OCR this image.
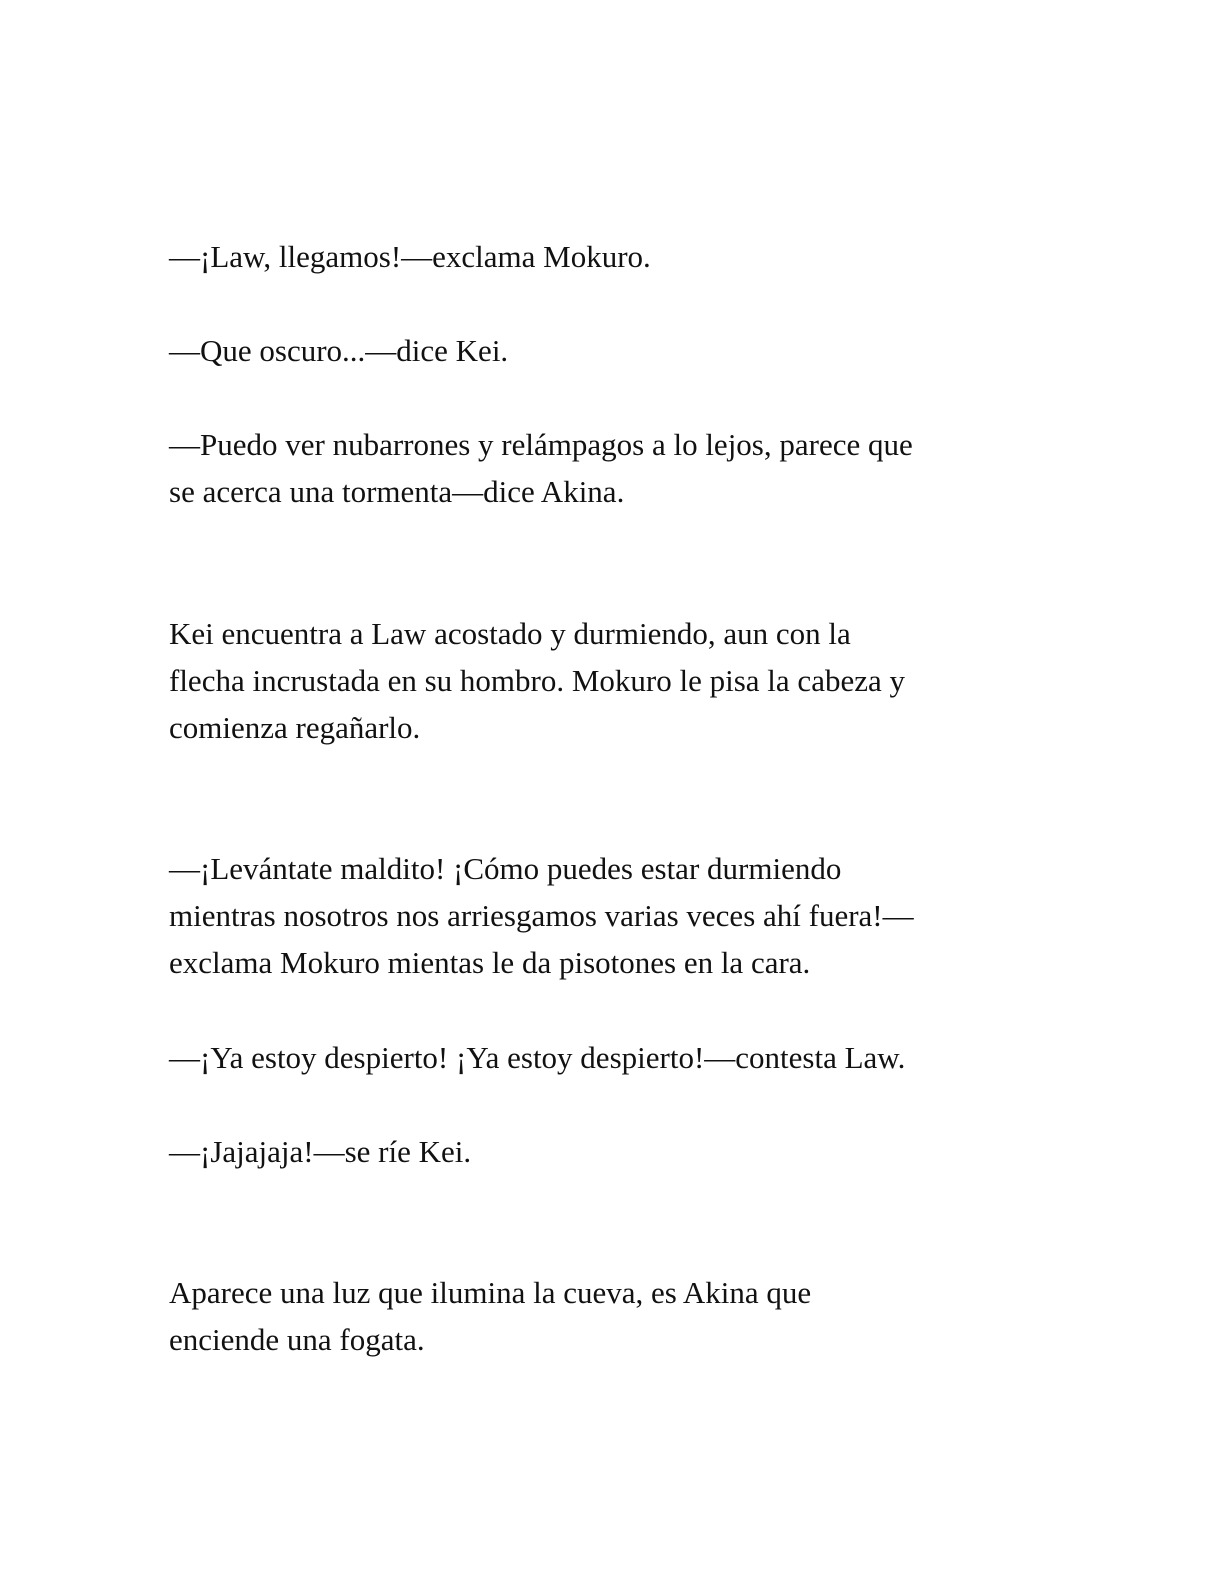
—¡Law, llegamos!—exclama Mokuro.

—Que oscuro...—dice Kei.

—Puedo ver nubarrones y relámpagos a lo lejos, parece que
se acerca una tormenta—dice Akina.

Kei encuentra a Law acostado y durmiendo, aun con la
flecha incrustada en su hombro. Mokuro le pisa la cabeza y
comienza regañarlo.

—¡Levántate maldito! ¡Cómo puedes estar durmiendo
mientras nosotros nos arriesgamos varias veces ahí fuera!—
exclama Mokuro mientas le da pisotones en la cara.

—¡Ya estoy despierto! ¡Ya estoy despierto!—contesta Law.

—¡Jajajaja!—se ríe Kei.

Aparece una luz que ilumina la cueva, es Akina que
enciende una fogata.
